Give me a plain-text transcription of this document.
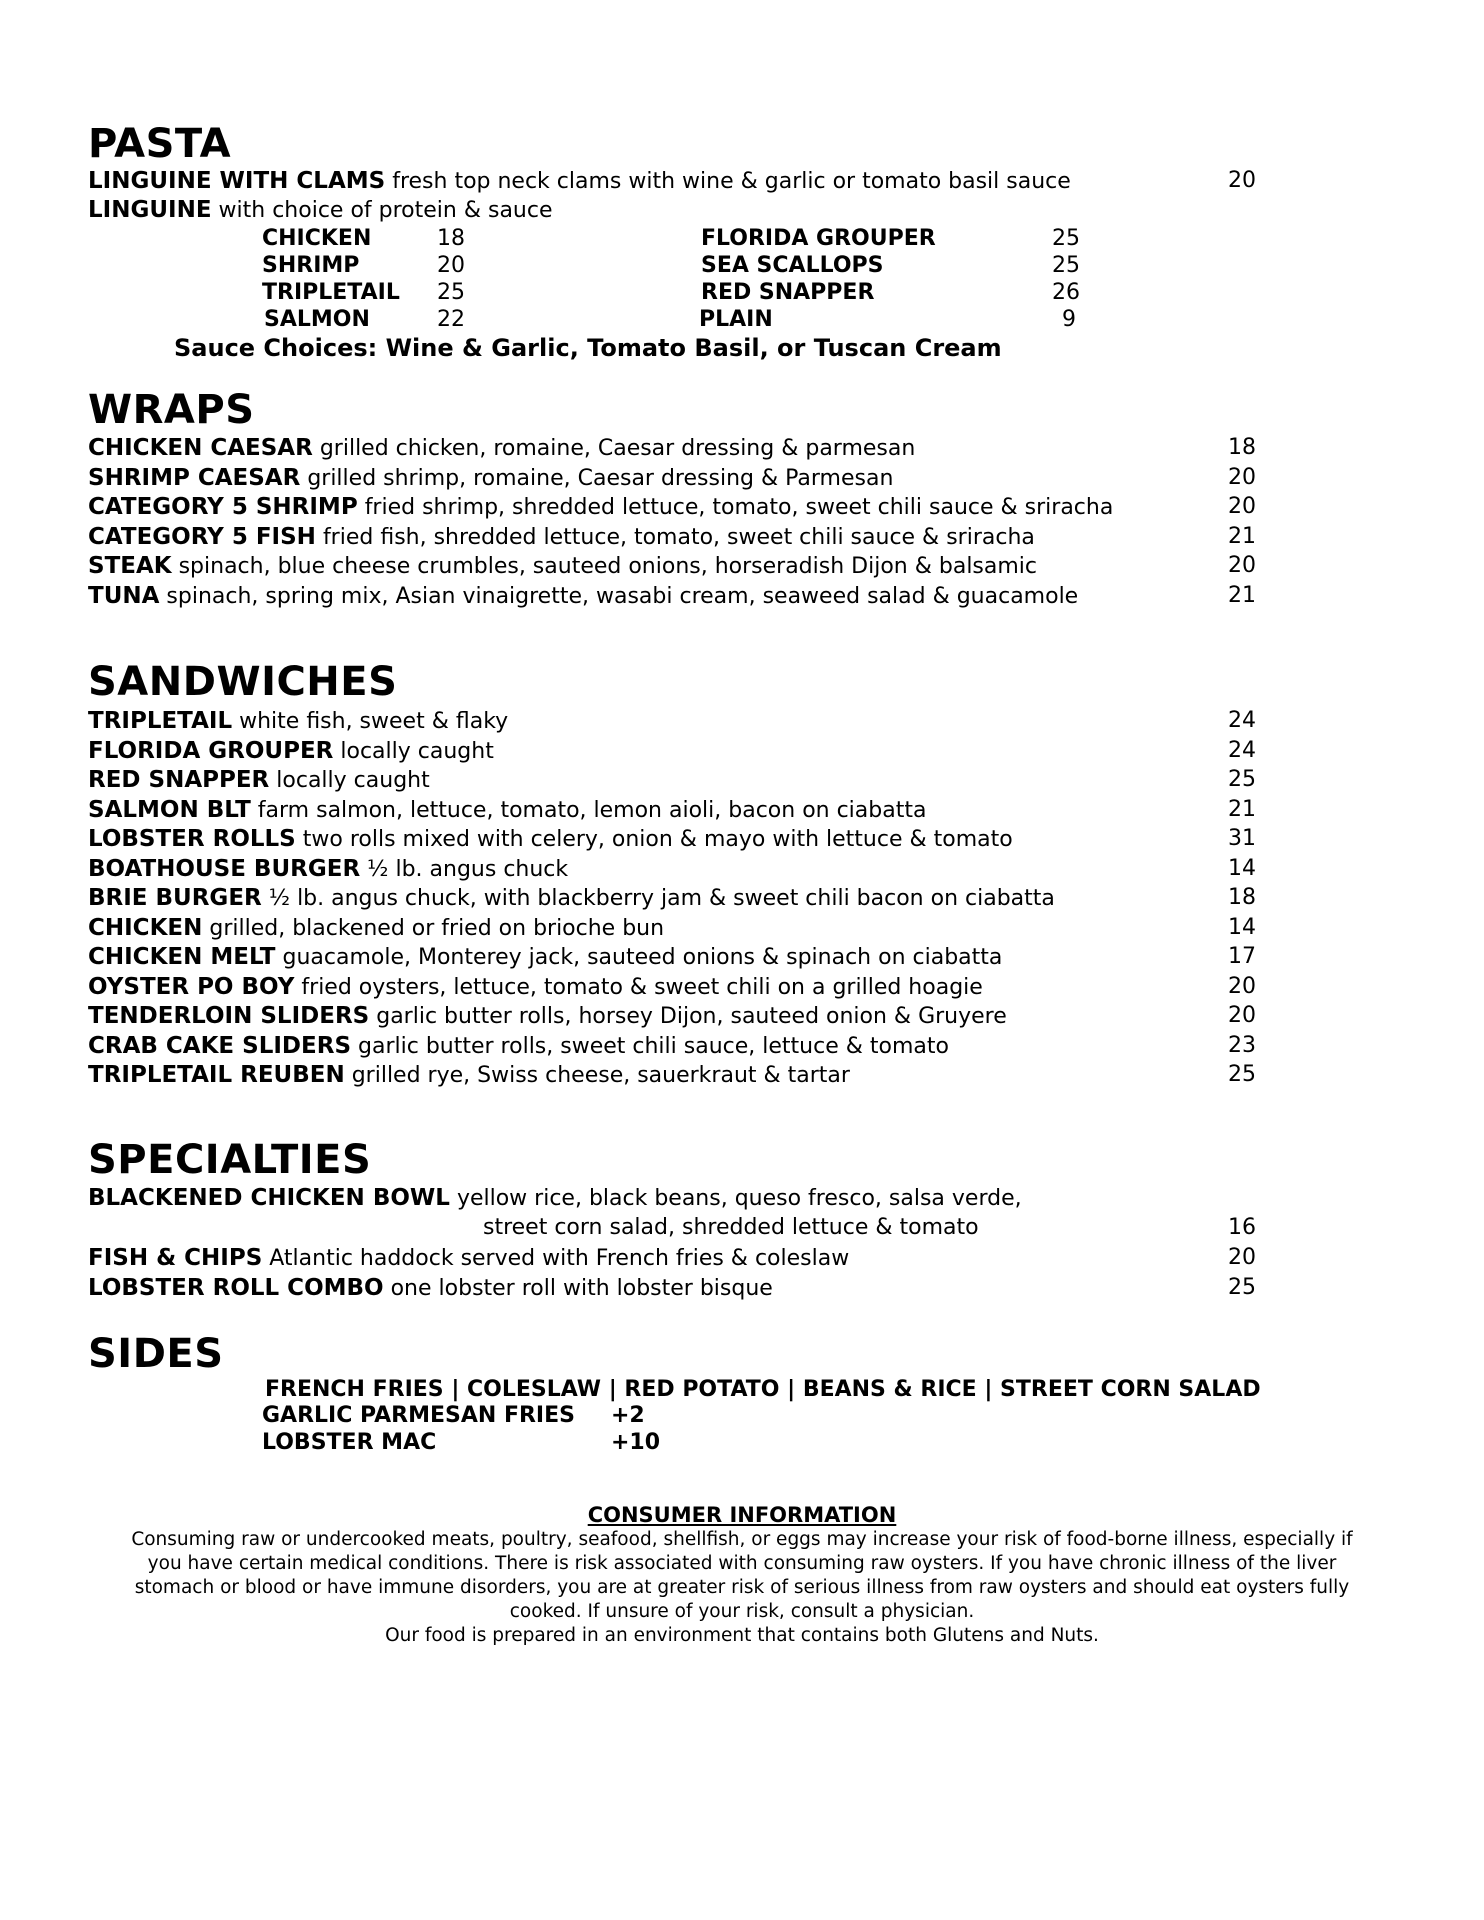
PASTA
LINGUINE WITH CLAMS fresh top neck clams with wine & garlic or tomato basil sauce	20
LINGUINE with choice of protein & sauce
CHICKEN	18
SHRIMP	20
TRIPLETAIL 25
SALMON	22
FLORIDA GROUPER	25
SEA SCALLOPS	25
RED SNAPPER	26
PLAIN	9
Sauce Choices: Wine & Garlic, Tomato Basil, or Tuscan Cream
WRAPS
CHICKEN CAESAR grilled chicken, romaine, Caesar dressing & parmesan	18
SHRIMP CAESAR grilled shrimp, romaine, Caesar dressing & Parmesan	20
CATEGORY 5 SHRIMP fried shrimp, shredded lettuce, tomato, sweet chili sauce & sriracha	20
CATEGORY 5 FISH fried fish, shredded lettuce, tomato, sweet chili sauce & sriracha	21
STEAK spinach, blue cheese crumbles, sauteed onions, horseradish Dijon & balsamic	20
TUNA spinach, spring mix, Asian vinaigrette, wasabi cream, seaweed salad & guacamole	21
SANDWICHES
TRIPLETAIL white fish, sweet & flaky	24
FLORIDA GROUPER locally caught	24
RED SNAPPER locally caught	25
SALMON BLT farm salmon, lettuce, tomato, lemon aioli, bacon on ciabatta	21
LOBSTER ROLLS two rolls mixed with celery, onion & mayo with lettuce & tomato	31
BOATHOUSE BURGER ½ lb. angus chuck	14
BRIE BURGER ½ lb. angus chuck, with blackberry jam & sweet chili bacon on ciabatta	18
CHICKEN grilled, blackened or fried on brioche bun	14
CHICKEN MELT guacamole, Monterey jack, sauteed onions & spinach on ciabatta	17
OYSTER PO BOY fried oysters, lettuce, tomato & sweet chili on a grilled hoagie	20
TENDERLOIN SLIDERS garlic butter rolls, horsey Dijon, sauteed onion & Gruyere	20
CRAB CAKE SLIDERS garlic butter rolls, sweet chili sauce, lettuce & tomato	23
TRIPLETAIL REUBEN grilled rye, Swiss cheese, sauerkraut & tartar	25
SPECIALTIES
BLACKENED CHICKEN BOWL yellow rice, black beans, queso fresco, salsa verde,
street corn salad, shredded lettuce & tomato	16
FISH & CHIPS Atlantic haddock served with French fries & coleslaw	20
LOBSTER ROLL COMBO one lobster roll with lobster bisque	25
SIDES
FRENCH FRIES | COLESLAW | RED POTATO | BEANS & RICE | STREET CORN SALAD
GARLIC PARMESAN FRIES +2
LOBSTER MAC	+10
CONSUMER INFORMATION

Consuming raw or undercooked meats, poultry, seafood, shellfish, or eggs may increase your risk of food-borne illness, especially if

you have certain medical conditions. There is risk associated with consuming raw oysters. If you have chronic illness of the liver

stomach or blood or have immune disorders, you are at greater risk of serious illness from raw oysters and should eat oysters fully

cooked. If unsure of your risk, consult a physician.

Our food is prepared in an environment that contains both Glutens and Nuts.
